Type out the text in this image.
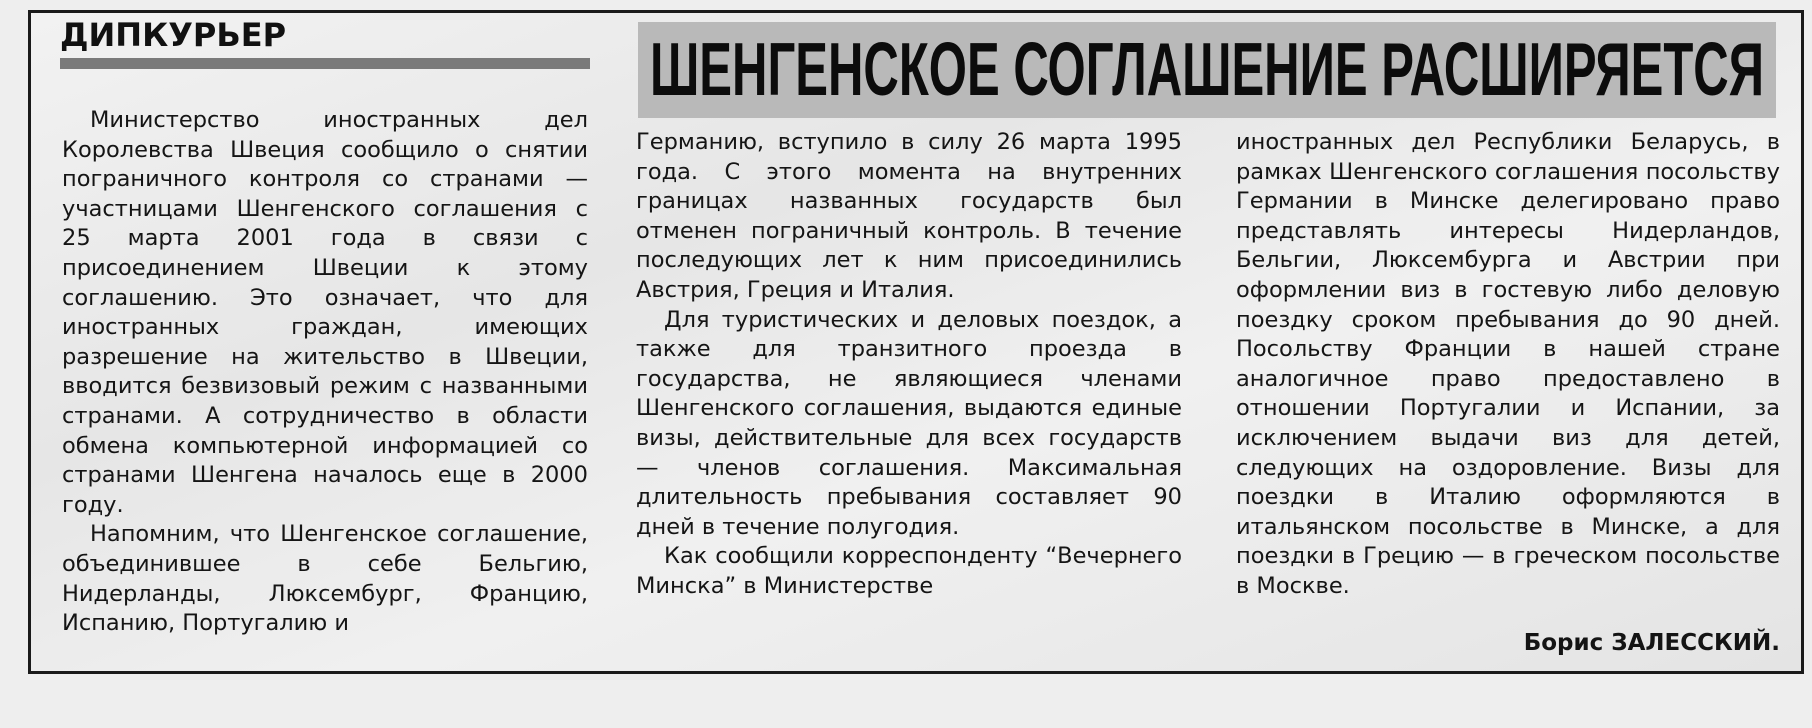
ДИПКУРЬЕР	ШЕНГЕНСКОЕ СОГЛАШЕНИЕ РАСШИРЯЕТСЯ

Министерство иностранных дел Королевства Швеция сообщило о снятии пограничного контроля со странами — участницами Шенгенского соглашения с 25 марта 2001 года в связи с присоединением Швеции к этому соглашению. Это означает, что для иностранных граждан, имеющих разрешение на жительство в Швеции, вводится безвизовый режим с названными странами. А сотрудничество в области обмена компьютерной информацией со странами Шенгена началось еще в 2000 году.

Напомним, что Шенгенское соглашение, объединившее в себе Бельгию, Нидерланды, Люксембург, Францию, Испанию, Португалию и

Германию, вступило в силу 26 марта 1995 года. С этого момента на внутренних границах названных государств был отменен пограничный контроль. В течение последующих лет к ним присоединились Австрия, Греция и Италия.

Для туристических и деловых поездок, а также для транзитного проезда в государства, не являющиеся членами Шенгенского соглашения, выдаются единые визы, действительные для всех государств — членов соглашения. Максимальная длительность пребывания составляет 90 дней в течение полугодия.

Как сообщили корреспонденту “Вечернего Минска” в Министерстве

иностранных дел Республики Беларусь, в рамках Шенгенского соглашения посольству Германии в Минске делегировано право представлять интересы Нидерландов, Бельгии, Люксембурга и Австрии при оформлении виз в гостевую либо деловую поездку сроком пребывания до 90 дней. Посольству Франции в нашей стране аналогичное право предоставлено в отношении Португалии и Испании, за исключением выдачи виз для детей, следующих на оздоровление. Визы для поездки в Италию оформляются в итальянском посольстве в Минске, а для поездки в Грецию — в греческом посольстве в Москве.

Борис ЗАЛЕССКИЙ.
